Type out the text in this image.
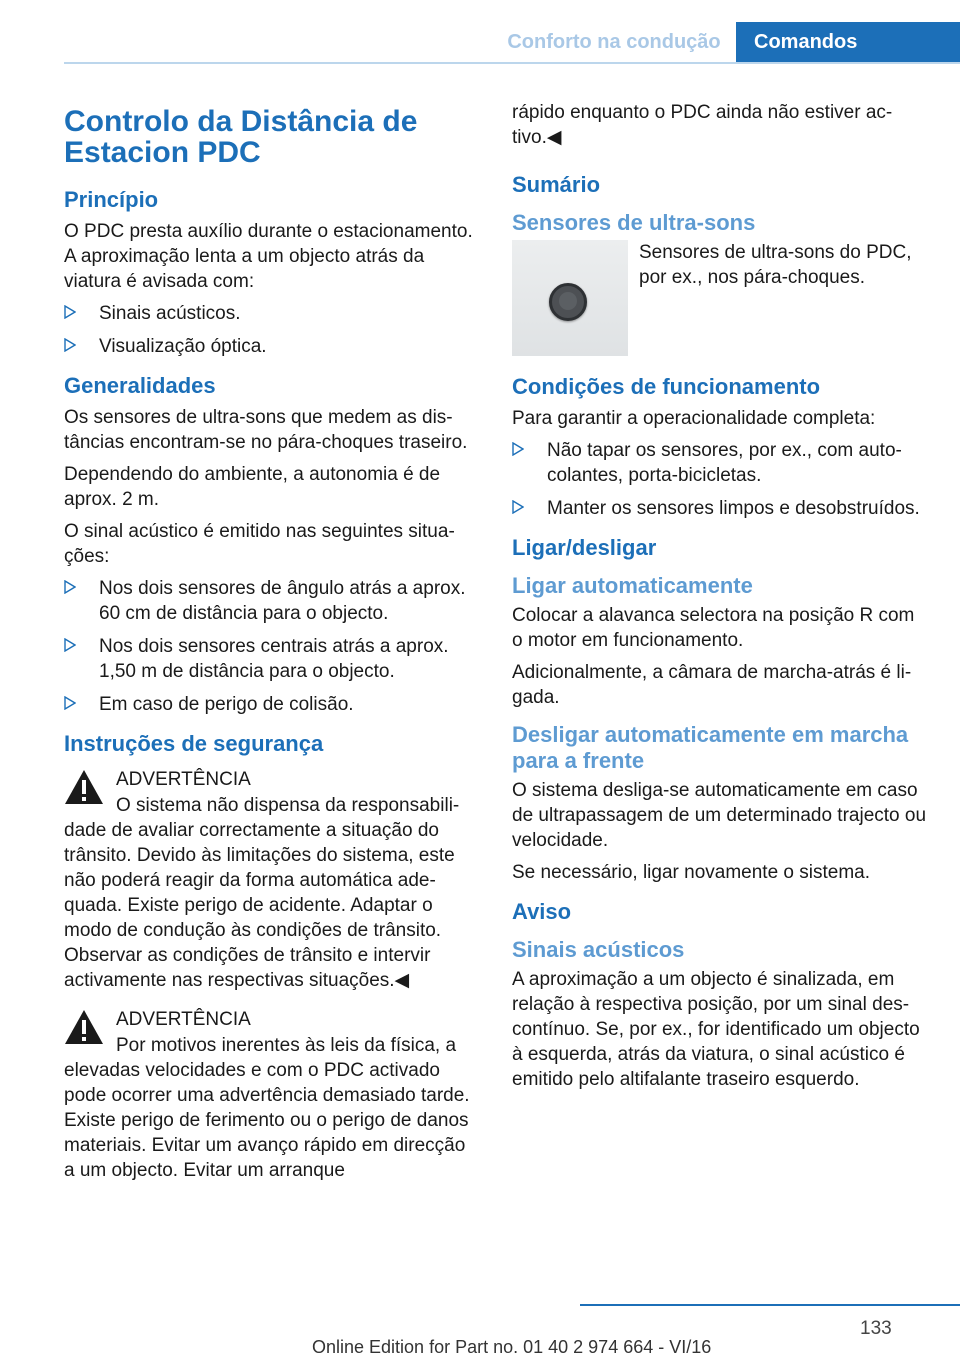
Conforto na condução	Comandos
Controlo da Distância de Estacion PDC
Princípio

O PDC presta auxílio durante o estacionamento. A aproximação lenta a um objecto atrás da viatura é avisada com:

Sinais acústicos.
Visualização óptica.
Generalidades

Os sensores de ultra-sons que medem as distâncias encontram-se no pára-choques traseiro.

Dependendo do ambiente, a autonomia é de aprox. 2 m.

O sinal acústico é emitido nas seguintes situações:

Nos dois sensores de ângulo atrás a aprox. 60 cm de distância para o objecto.
Nos dois sensores centrais atrás a aprox. 1,50 m de distância para o objecto.
Em caso de perigo de colisão.
Instruções de segurança
ADVERTÊNCIA
O sistema não dispensa da responsabilidade de avaliar correctamente a situação do trânsito. Devido às limitações do sistema, este não poderá reagir da forma automática adequada. Existe perigo de acidente. Adaptar o modo de condução às condições de trânsito. Observar as condições de trânsito e intervir activamente nas respectivas situações.◀
ADVERTÊNCIA
Por motivos inerentes às leis da física, a elevadas velocidades e com o PDC activado pode ocorrer uma advertência demasiado tarde. Existe perigo de ferimento ou o perigo de danos materiais. Evitar um avanço rápido em direcção a um objecto. Evitar um arranque

rápido enquanto o PDC ainda não estiver activo.◀

Sumário
Sensores de ultra-sons
Sensores de ultra-sons do PDC, por ex., nos pára-choques.
Condições de funcionamento

Para garantir a operacionalidade completa:

Não tapar os sensores, por ex., com autocolantes, porta-bicicletas.
Manter os sensores limpos e desobstruídos.
Ligar/desligar
Ligar automaticamente

Colocar a alavanca selectora na posição R com o motor em funcionamento.

Adicionalmente, a câmara de marcha-atrás é ligada.

Desligar automaticamente em marcha para a frente

O sistema desliga-se automaticamente em caso de ultrapassagem de um determinado trajecto ou velocidade.

Se necessário, ligar novamente o sistema.

Aviso
Sinais acústicos

A aproximação a um objecto é sinalizada, em relação à respectiva posição, por um sinal descontínuo. Se, por ex., for identificado um objecto à esquerda, atrás da viatura, o sinal acústico é emitido pelo altifalante traseiro esquerdo.

133
Online Edition for Part no. 01 40 2 974 664 - VI/16
